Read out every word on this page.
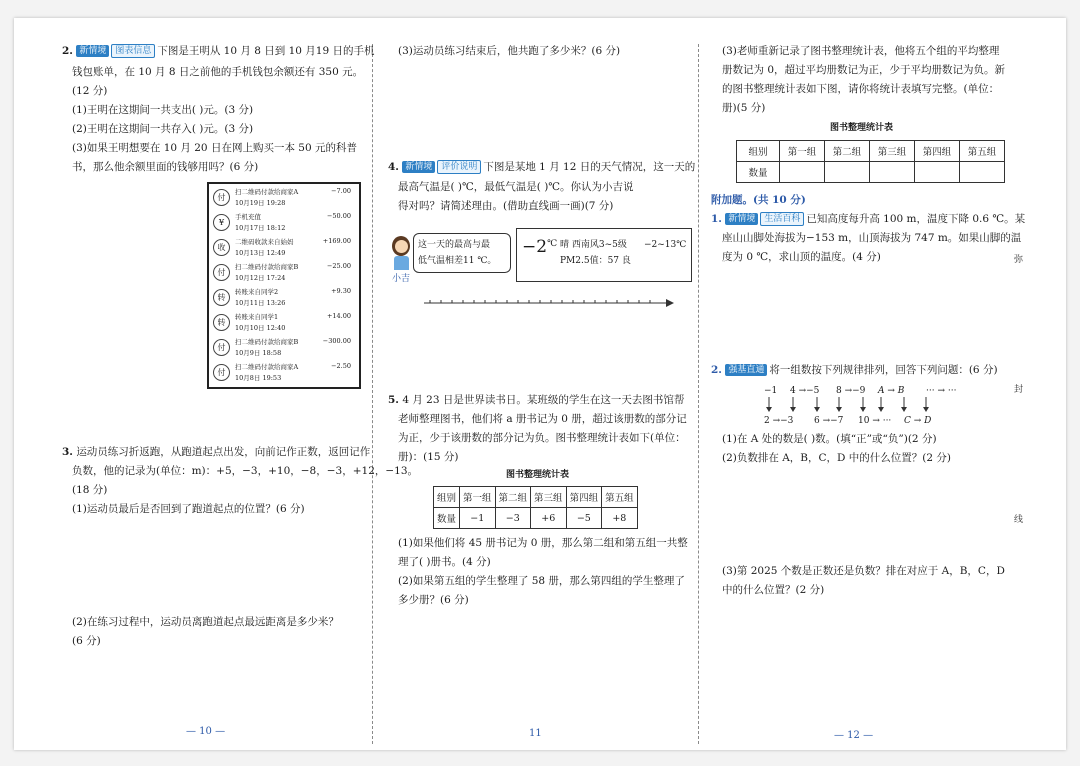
2. 新情境 图表信息 下图是王明从 10 月 8 日到 10 月19 日的手机
钱包账单，在 10 月 8 日之前他的手机钱包余额还有 350 元。
(12 分)
(1)王明在这期间一共支出( )元。(3 分)
(2)王明在这期间一共存入( )元。(3 分)
(3)如果王明想要在 10 月 20 日在网上购买一本 50 元的科普
书，那么他余额里面的钱够用吗？(6 分)
付
扫二维码付款给商家A	−7.00
10月19日 19:28
¥
手机充值	−50.00
10月17日 18:12
收
二维码收款来自始妈	+169.00
10月13日 12:49
付
扫二维码付款给商家B	−25.00
10月12日 17:24
转
转账来自同学2	+9.30
10月11日 13:26
转
转账来自同学1	+14.00
10月10日 12:40
付
扫二维码付款给商家B	−300.00
10月9日 18:58
付
扫二维码付款给商家A	−2.50
10月8日 19:53
3. 运动员练习折返跑，从跑道起点出发，向前记作正数，返回记作
负数，他的记录为(单位：m)：+5，−3，+10，−8，−3，+12，−13。
(18 分)
(1)运动员最后是否回到了跑道起点的位置？(6 分)
(2)在练习过程中，运动员离跑道起点最远距离是多少米？
(6 分)
— 10 —
(3)运动员练习结束后，他共跑了多少米？(6 分)
4. 新情境 评价说明 下图是某地 1 月 12 日的天气情况，这一天的
最高气温是( )℃，最低气温是( )℃。你认为小吉说
得对吗？请简述理由。(借助直线画一画)(7 分)
小吉
这一天的最高与最
低气温相差11 ℃。
−2℃ 晴 西南风3~5级 −2~13℃
PM2.5值：57 良
5. 4 月 23 日是世界读书日。某班级的学生在这一天去图书馆帮
老师整理图书，他们将 a 册书记为 0 册，超过该册数的部分记
为正，少于该册数的部分记为负。图书整理统计表如下(单位：
册)：(15 分)
图书整理统计表
组别	第一组	第二组	第三组	第四组	第五组
数量	−1	−3	+6	−5	+8
(1)如果他们将 45 册书记为 0 册，那么第二组和第五组一共整
理了( )册书。(4 分)
(2)如果第五组的学生整理了 58 册，那么第四组的学生整理了
多少册？(6 分)
11
(3)老师重新记录了图书整理统计表，他将五个组的平均整理
册数记为 0，超过平均册数记为正，少于平均册数记为负。新
的图书整理统计表如下图，请你将统计表填写完整。(单位：
册)(5 分)
图书整理统计表
组别	第一组	第二组	第三组	第四组	第五组
数量					
附加题。(共 10 分)
1. 新情境 生活百科 已知高度每升高 100 m，温度下降 0.6 ℃。某
座山山脚处海拔为−153 m，山顶海拔为 747 m。如果山脚的温
度为 0 ℃，求山顶的温度。(4 分)
2. 强基直通 将一组数按下列规律排列，回答下列问题：(6 分)
−1 4 →−5 8 →−9 A → B ··· → ···
2 →−3 6 →−7 10 → ··· C → D
(1)在 A 处的数是( )数。(填“正”或“负”)(2 分)
(2)负数排在 A，B，C，D 中的什么位置？(2 分)
(3)第 2025 个数是正数还是负数？排在对应于 A，B，C，D
中的什么位置？(2 分)
弥
封
线
— 12 —
